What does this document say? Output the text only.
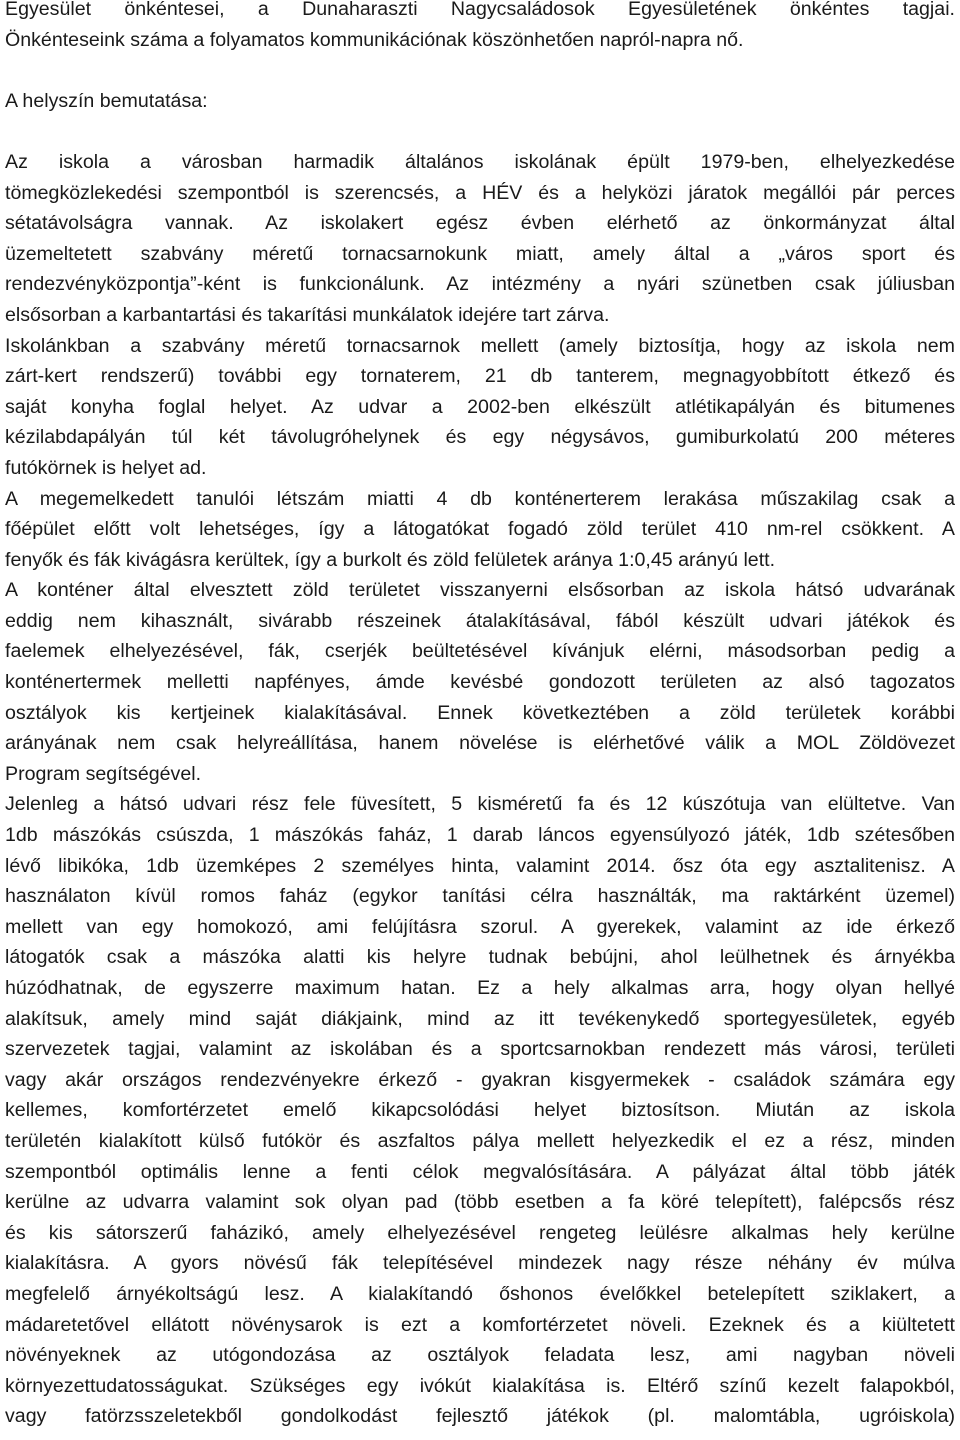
Egyesület önkéntesei, a Dunaharaszti Nagycsaládosok Egyesületének önkéntes tagjai.
Önkénteseink száma a folyamatos kommunikációnak köszönhetően napról-napra nő.
A helyszín bemutatása:
Az iskola a városban harmadik általános iskolának épült 1979-ben, elhelyezkedése
tömegközlekedési szempontból is szerencsés, a HÉV és a helyközi járatok megállói pár perces
sétatávolságra vannak. Az iskolakert egész évben elérhető az önkormányzat által
üzemeltetett szabvány méretű tornacsarnokunk miatt, amely által a „város sport és
rendezvényközpontja”-ként is funkcionálunk. Az intézmény a nyári szünetben csak júliusban
elsősorban a karbantartási és takarítási munkálatok idejére tart zárva.
Iskolánkban a szabvány méretű tornacsarnok mellett (amely biztosítja, hogy az iskola nem
zárt-kert rendszerű) további egy tornaterem, 21 db tanterem, megnagyobbított étkező és
saját konyha foglal helyet. Az udvar a 2002-ben elkészült atlétikapályán és bitumenes
kézilabdapályán túl két távolugróhelynek és egy négysávos, gumiburkolatú 200 méteres
futókörnek is helyet ad.
A megemelkedett tanulói létszám miatti 4 db konténerterem lerakása műszakilag csak a
főépület előtt volt lehetséges, így a látogatókat fogadó zöld terület 410 nm-rel csökkent. A
fenyők és fák kivágásra kerültek, így a burkolt és zöld felületek aránya 1:0,45 arányú lett.
A konténer által elvesztett zöld területet visszanyerni elsősorban az iskola hátsó udvarának
eddig nem kihasznált, sivárabb részeinek átalakításával, fából készült udvari játékok és
faelemek elhelyezésével, fák, cserjék beültetésével kívánjuk elérni, másodsorban pedig a
konténertermek melletti napfényes, ámde kevésbé gondozott területen az alsó tagozatos
osztályok kis kertjeinek kialakításával. Ennek következtében a zöld területek korábbi
arányának nem csak helyreállítása, hanem növelése is elérhetővé válik a MOL Zöldövezet
Program segítségével.
Jelenleg a hátsó udvari rész fele füvesített, 5 kisméretű fa és 12 kúszótuja van elültetve. Van
1db mászókás csúszda, 1 mászókás faház, 1 darab láncos egyensúlyozó játék, 1db szétesőben
lévő libikóka, 1db üzemképes 2 személyes hinta, valamint 2014. ősz óta egy asztalitenisz. A
használaton kívül romos faház (egykor tanítási célra használták, ma raktárként üzemel)
mellett van egy homokozó, ami felújításra szorul. A gyerekek, valamint az ide érkező
látogatók csak a mászóka alatti kis helyre tudnak bebújni, ahol leülhetnek és árnyékba
húzódhatnak, de egyszerre maximum hatan. Ez a hely alkalmas arra, hogy olyan hellyé
alakítsuk, amely mind saját diákjaink, mind az itt tevékenykedő sportegyesületek, egyéb
szervezetek tagjai, valamint az iskolában és a sportcsarnokban rendezett más városi, területi
vagy akár országos rendezvényekre érkező - gyakran kisgyermekek - családok számára egy
kellemes, komfortérzetet emelő kikapcsolódási helyet biztosítson. Miután az iskola
területén kialakított külső futókör és aszfaltos pálya mellett helyezkedik el ez a rész, minden
szempontból optimális lenne a fenti célok megvalósítására. A pályázat által több játék
kerülne az udvarra valamint sok olyan pad (több esetben a fa köré telepített), falépcsős rész
és kis sátorszerű faházikó, amely elhelyezésével rengeteg leülésre alkalmas hely kerülne
kialakításra. A gyors növésű fák telepítésével mindezek nagy része néhány év múlva
megfelelő árnyékoltságú lesz. A kialakítandó őshonos évelőkkel betelepített sziklakert, a
mádaretetővel ellátott növénysarok is ezt a komfortérzetet növeli. Ezeknek és a kiültetett
növényeknek az utógondozása az osztályok feladata lesz, ami nagyban növeli
környezettudatosságukat. Szükséges egy ivókút kialakítása is. Eltérő színű kezelt falapokból,
vagy fatörzsszeletekből gondolkodást fejlesztő játékok (pl. malomtábla, ugróiskola)
